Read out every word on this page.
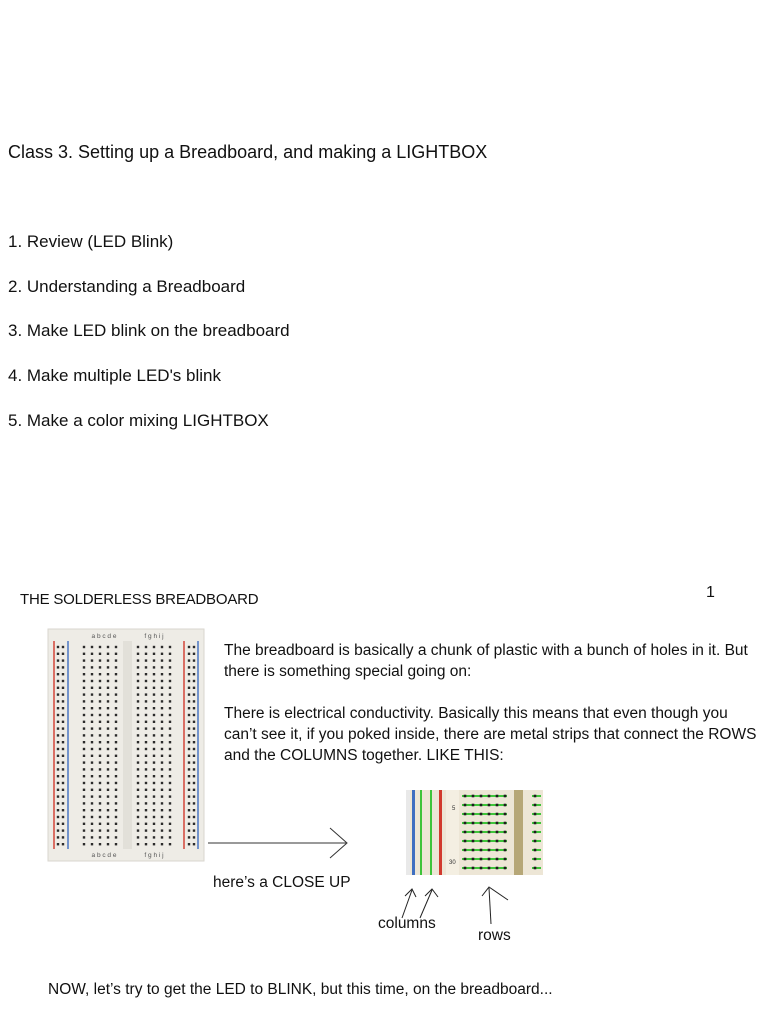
Class 3. Setting up a Breadboard, and making a LIGHTBOX
1. Review (LED Blink)
2. Understanding a Breadboard
3. Make LED blink on the breadboard
4. Make multiple LED's blink
5. Make a color mixing LIGHTBOX
THE SOLDERLESS BREADBOARD	1
The breadboard is basically a chunk of plastic with a bunch of holes in it. But there is something special going on:
There is electrical conductivity. Basically this means that even though you can’t see it, if you poked inside, there are metal strips that connect the ROWS and the COLUMNS together. LIKE THIS:
a b c d e	f g h i j
a b c d e	f g h i j
5
30
here’s a CLOSE UP
columns
rows
NOW, let’s try to get the LED to BLINK, but this time, on the breadboard...
